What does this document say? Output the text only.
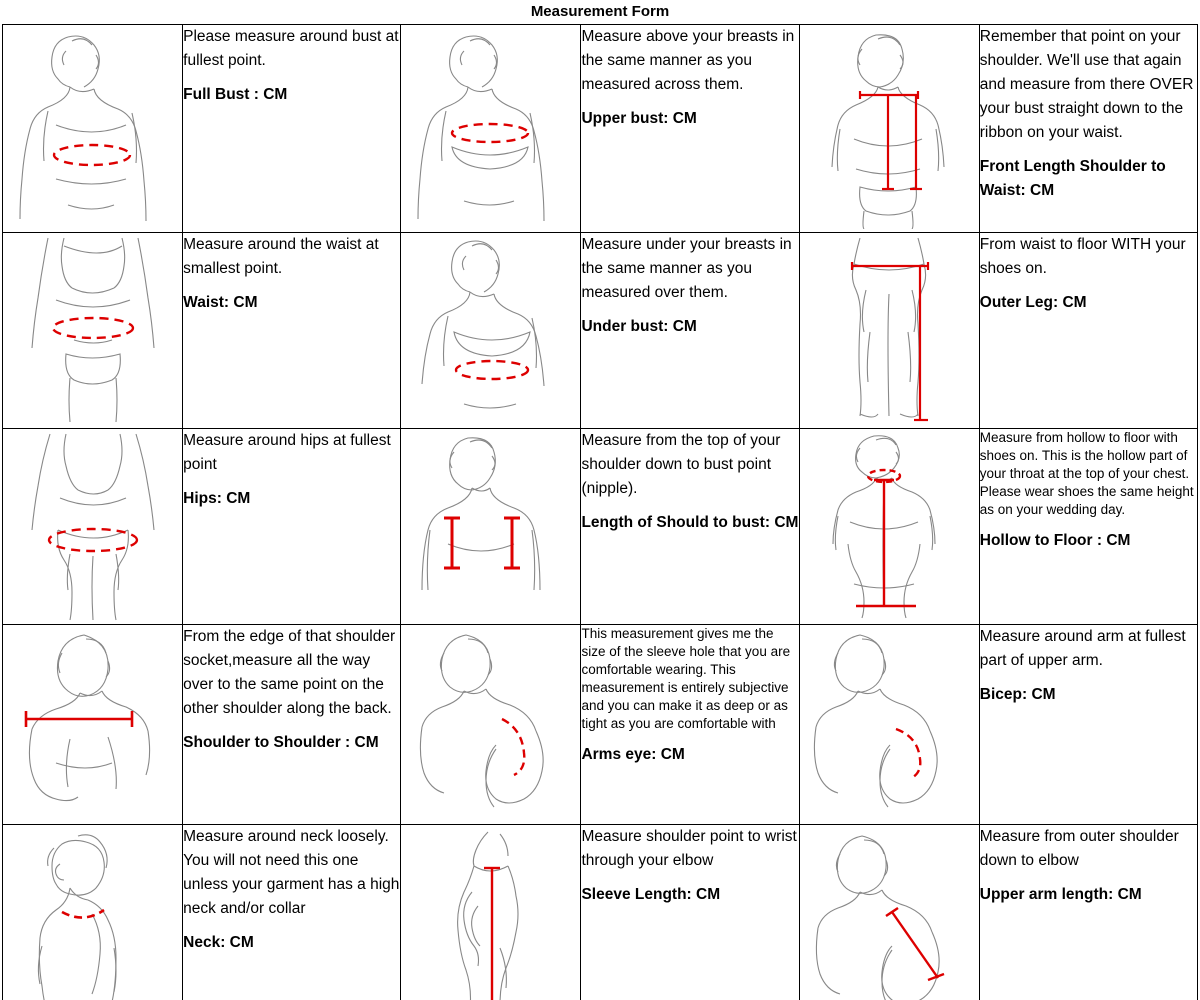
Measurement Form

Please measure around bust at fullest point.
Full Bust : CM

Measure above your breasts in the same manner as you measured across them.
Upper bust: CM

Remember that point on your shoulder. We'll use that again and measure from there OVER your bust straight down to the ribbon on your waist.
Front Length Shoulder to Waist: CM

Measure around the waist at smallest point.
Waist: CM

Measure under your breasts in the same manner as you measured over them.
Under bust: CM

From waist to floor WITH your shoes on.
Outer Leg: CM

Measure around hips at fullest point
Hips: CM

Measure from the top of your shoulder down to bust point (nipple).
Length of Should to bust: CM

Measure from hollow to floor with shoes on. This is the hollow part of your throat at the top of your chest. Please wear shoes the same height as on your wedding day.
Hollow to Floor : CM

From the edge of that shoulder socket,measure all the way over to the same point on the other shoulder along the back.
Shoulder to Shoulder : CM

This measurement gives me the size of the sleeve hole that you are comfortable wearing. This measurement is entirely subjective and you can make it as deep or as tight as you are comfortable with
Arms eye: CM

Measure around arm at fullest part of upper arm.
Bicep: CM

Measure around neck loosely. You will not need this one unless your garment has a high neck and/or collar
Neck: CM

Measure shoulder point to wrist through your elbow
Sleeve Length: CM

Measure from outer shoulder down to elbow
Upper arm length: CM
